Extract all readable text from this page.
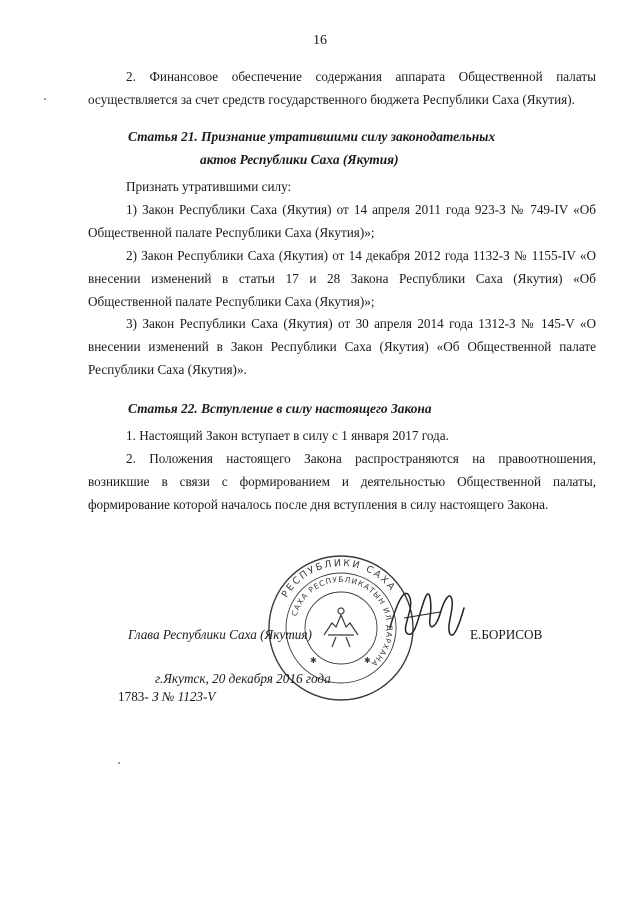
16

2. Финансовое обеспечение содержания аппарата Общественной палаты осуществляется за счет средств государственного бюджета Республики Саха (Якутия).

Статья 21. Признание утратившими силу законодательных

актов Республики Саха (Якутия)

Признать утратившими силу:

1) Закон Республики Саха (Якутия) от 14 апреля 2011 года 923-З № 749-IV «Об Общественной палате Республики Саха (Якутия)»;

2) Закон Республики Саха (Якутия) от 14 декабря 2012 года 1132-З № 1155-IV «О внесении изменений в статьи 17 и 28 Закона Республики Саха (Якутия) «Об Общественной палате Республики Саха (Якутия)»;

3) Закон Республики Саха (Якутия) от 30 апреля 2014 года 1312-З № 145-V «О внесении изменений в Закон Республики Саха (Якутия) «Об Общественной палате Республики Саха (Якутия)».

Статья 22. Вступление в силу настоящего Закона

1. Настоящий Закон вступает в силу с 1 января 2017 года.

2. Положения настоящего Закона распространяются на правоотношения, возникшие в связи с формированием и деятельностью Общественной палаты, формирование которой началось после дня вступления в силу настоящего Закона.

РЕСПУБЛИКИ САХА
САХА РЕСПУБЛИКАТЫН ИЛ ДАРХАНА
✱	✱

Глава Республики Саха (Якутия)	Е.БОРИСОВ

г.Якутск, 20 декабря 2016 года

1783- З № 1123-V
